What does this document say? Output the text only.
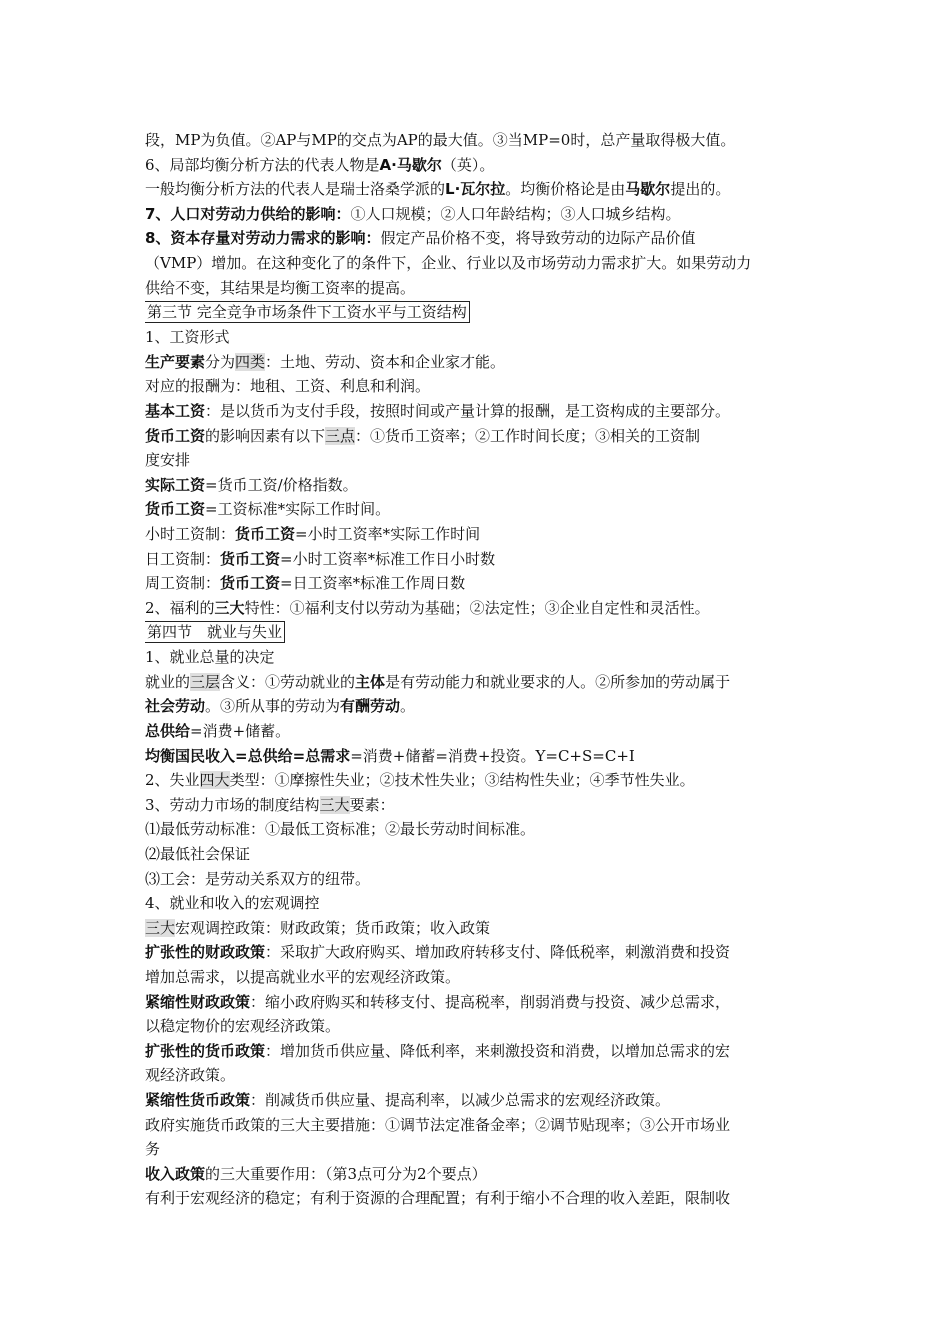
段，MP为负值。②AP与MP的交点为AP的最大值。③当MP=0时，总产量取得极大值。
6、局部均衡分析方法的代表人物是A·马歇尔（英）。
一般均衡分析方法的代表人是瑞士洛桑学派的L·瓦尔拉。均衡价格论是由马歇尔提出的。
7、人口对劳动力供给的影响：①人口规模；②人口年龄结构；③人口城乡结构。
8、资本存量对劳动力需求的影响：假定产品价格不变，将导致劳动的边际产品价值
（VMP）增加。在这种变化了的条件下，企业、行业以及市场劳动力需求扩大。如果劳动力
供给不变，其结果是均衡工资率的提高。
第三节 完全竞争市场条件下工资水平与工资结构
1、工资形式
生产要素分为四类：土地、劳动、资本和企业家才能。
对应的报酬为：地租、工资、利息和利润。
基本工资：是以货币为支付手段，按照时间或产量计算的报酬，是工资构成的主要部分。
货币工资的影响因素有以下三点：①货币工资率；②工作时间长度；③相关的工资制
度安排
实际工资=货币工资/价格指数。
货币工资=工资标准*实际工作时间。
小时工资制：货币工资=小时工资率*实际工作时间
日工资制：货币工资=小时工资率*标准工作日小时数
周工资制：货币工资=日工资率*标准工作周日数
2、福利的三大特性：①福利支付以劳动为基础；②法定性；③企业自定性和灵活性。
第四节　就业与失业
1、就业总量的决定
就业的三层含义：①劳动就业的主体是有劳动能力和就业要求的人。②所参加的劳动属于
社会劳动。③所从事的劳动为有酬劳动。
总供给=消费+储蓄。
均衡国民收入=总供给=总需求=消费+储蓄=消费+投资。Y=C+S=C+I
2、失业四大类型：①摩擦性失业；②技术性失业；③结构性失业；④季节性失业。
3、劳动力市场的制度结构三大要素：
⑴最低劳动标准：①最低工资标准；②最长劳动时间标准。
⑵最低社会保证
⑶工会：是劳动关系双方的纽带。
4、就业和收入的宏观调控
三大宏观调控政策：财政政策；货币政策；收入政策
扩张性的财政政策：采取扩大政府购买、增加政府转移支付、降低税率，刺激消费和投资
增加总需求，以提高就业水平的宏观经济政策。
紧缩性财政政策：缩小政府购买和转移支付、提高税率，削弱消费与投资、减少总需求，
以稳定物价的宏观经济政策。
扩张性的货币政策：增加货币供应量、降低利率，来刺激投资和消费，以增加总需求的宏
观经济政策。
紧缩性货币政策：削减货币供应量、提高利率，以减少总需求的宏观经济政策。
政府实施货币政策的三大主要措施：①调节法定准备金率；②调节贴现率；③公开市场业
务
收入政策的三大重要作用：（第3点可分为2个要点）
有利于宏观经济的稳定；有利于资源的合理配置；有利于缩小不合理的收入差距，限制收
